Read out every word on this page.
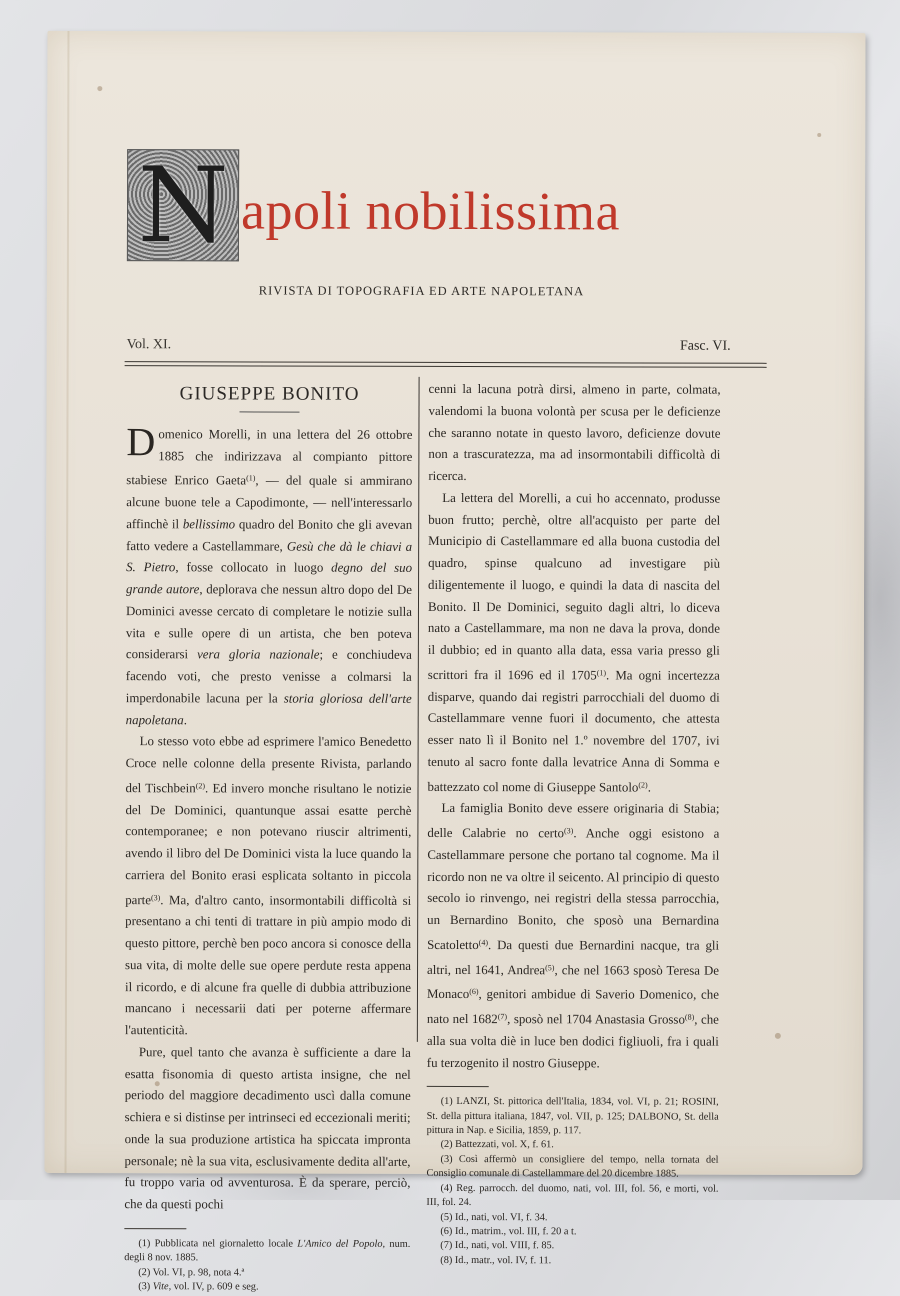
N apoli nobilissima
RIVISTA DI TOPOGRAFIA ED ARTE NAPOLETANA
Vol. XI.	Fasc. VI.
GIUSEPPE BONITO

Domenico Morelli, in una lettera del 26 ottobre 1885 che indirizzava al compianto pittore stabiese Enrico Gaeta$^{(1)}$, — del quale si ammirano alcune buone tele a Capodimonte, — nell'interessarlo affinchè il bellissimo quadro del Bonito che gli avevan fatto vedere a Castellammare, Gesù che dà le chiavi a S. Pietro, fosse collocato in luogo degno del suo grande autore, deplorava che nessun altro dopo del De Dominici avesse cercato di completare le notizie sulla vita e sulle opere di un artista, che ben poteva considerarsi vera gloria nazionale; e conchiudeva facendo voti, che presto venisse a colmarsi la imperdonabile lacuna per la storia gloriosa dell'arte napoletana.

Lo stesso voto ebbe ad esprimere l'amico Benedetto Croce nelle colonne della presente Rivista, parlando del Tischbein$^{(2)}$. Ed invero monche risultano le notizie del De Dominici, quantunque assai esatte perchè contemporanee; e non potevano riuscir altrimenti, avendo il libro del De Dominici vista la luce quando la carriera del Bonito erasi esplicata soltanto in piccola parte$^{(3)}$. Ma, d'altro canto, insormontabili difficoltà si presentano a chi tenti di trattare in più ampio modo di questo pittore, perchè ben poco ancora si conosce della sua vita, di molte delle sue opere perdute resta appena il ricordo, e di alcune fra quelle di dubbia attribuzione mancano i necessarii dati per poterne affermare l'autenticità.

Pure, quel tanto che avanza è sufficiente a dare la esatta fisonomia di questo artista insigne, che nel periodo del maggiore decadimento uscì dalla comune schiera e si distinse per intrinseci ed eccezionali meriti; onde la sua produzione artistica ha spiccata impronta personale; nè la sua vita, esclusivamente dedita all'arte, fu troppo varia od avventurosa. È da sperare, perciò, che da questi pochi

(1) Pubblicata nel giornaletto locale L'Amico del Popolo, num. degli 8 nov. 1885.

(2) Vol. VI, p. 98, nota 4.ª

(3) Vite, vol. IV, p. 609 e seg.

cenni la lacuna potrà dirsi, almeno in parte, colmata, valendomi la buona volontà per scusa per le deficienze che saranno notate in questo lavoro, deficienze dovute non a trascuratezza, ma ad insormontabili difficoltà di ricerca.

La lettera del Morelli, a cui ho accennato, produsse buon frutto; perchè, oltre all'acquisto per parte del Municipio di Castellammare ed alla buona custodia del quadro, spinse qualcuno ad investigare più diligentemente il luogo, e quindi la data di nascita del Bonito. Il De Dominici, seguito dagli altri, lo diceva nato a Castellammare, ma non ne dava la prova, donde il dubbio; ed in quanto alla data, essa varia presso gli scrittori fra il 1696 ed il 1705$^{(1)}$. Ma ogni incertezza disparve, quando dai registri parrocchiali del duomo di Castellammare venne fuori il documento, che attesta esser nato lì il Bonito nel 1.º novembre del 1707, ivi tenuto al sacro fonte dalla levatrice Anna di Somma e battezzato col nome di Giuseppe Santolo$^{(2)}$.

La famiglia Bonito deve essere originaria di Stabia; delle Calabrie no certo$^{(3)}$. Anche oggi esistono a Castellammare persone che portano tal cognome. Ma il ricordo non ne va oltre il seicento. Al principio di questo secolo io rinvengo, nei registri della stessa parrocchia, un Bernardino Bonito, che sposò una Bernardina Scatoletto$^{(4)}$. Da questi due Bernardini nacque, tra gli altri, nel 1641, Andrea$^{(5)}$, che nel 1663 sposò Teresa De Monaco$^{(6)}$, genitori ambidue di Saverio Domenico, che nato nel 1682$^{(7)}$, sposò nel 1704 Anastasia Grosso$^{(8)}$, che alla sua volta diè in luce ben dodici figliuoli, fra i quali fu terzogenito il nostro Giuseppe.

(1) LANZI, St. pittorica dell'Italia, 1834, vol. VI, p. 21; ROSINI, St. della pittura italiana, 1847, vol. VII, p. 125; DALBONO, St. della pittura in Nap. e Sicilia, 1859, p. 117.

(2) Battezzati, vol. X, f. 61.

(3) Così affermò un consigliere del tempo, nella tornata del Consiglio comunale di Castellammare del 20 dicembre 1885.

(4) Reg. parrocch. del duomo, nati, vol. III, fol. 56, e morti, vol. III, fol. 24.

(5) Id., nati, vol. VI, f. 34.

(6) Id., matrim., vol. III, f. 20 a t.

(7) Id., nati, vol. VIII, f. 85.

(8) Id., matr., vol. IV, f. 11.
